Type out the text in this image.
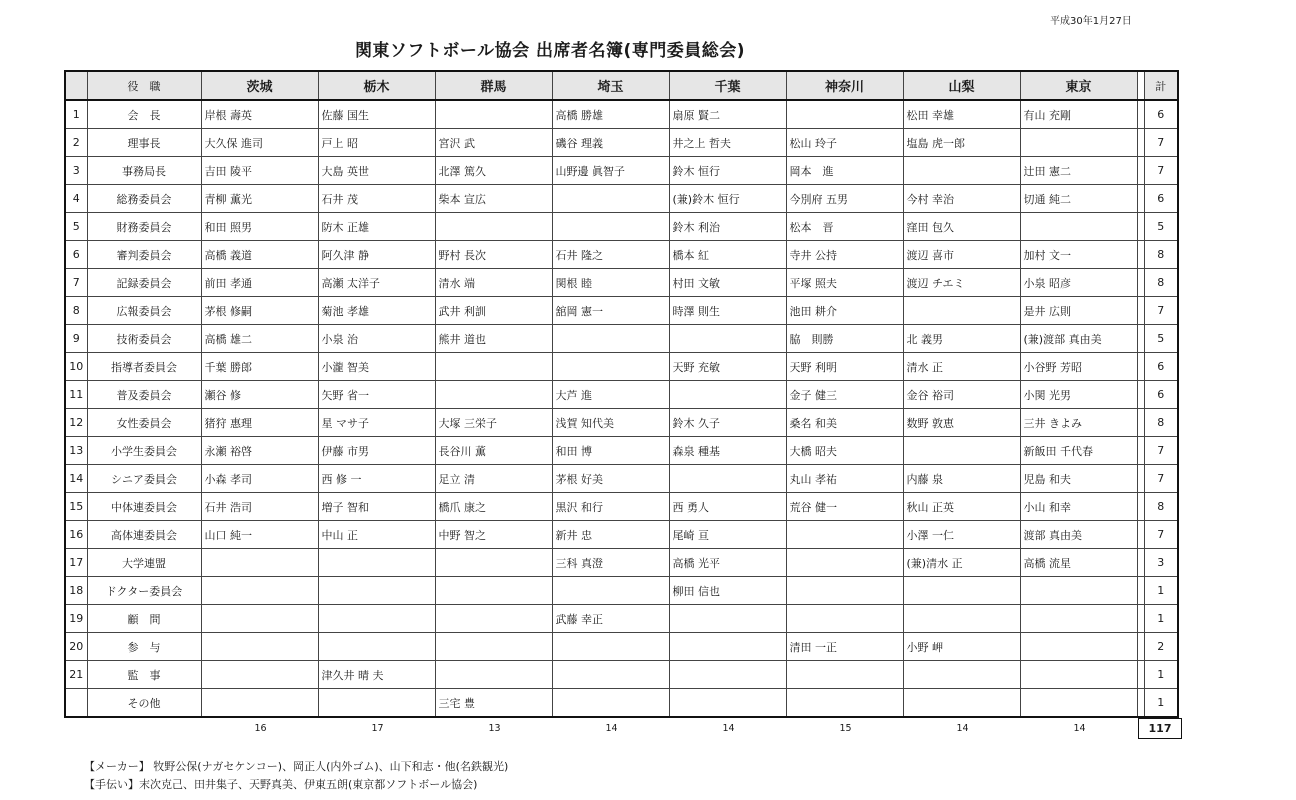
平成30年1月27日
関東ソフトボール協会 出席者名簿(専門委員総会)
	役　職	茨城	栃木	群馬	埼玉	千葉	神奈川	山梨	東京		計
1	会　長	岸根 壽英	佐藤 国生		高橋 勝雄	扇原 賢二		松田 幸雄	有山 充剛		6
2	理事長	大久保 進司	戸上 昭	宮沢 武	磯谷 理義	井之上 哲夫	松山 玲子	塩島 虎一郎			7
3	事務局長	吉田 陵平	大島 英世	北澤 篤久	山野邊 眞智子	鈴木 恒行	岡本　進		辻田 憲二		7
4	総務委員会	青柳 薫光	石井 茂	柴本 宣広		(兼)鈴木 恒行	今別府 五男	今村 幸治	切通 純二		6
5	財務委員会	和田 照男	防木 正雄			鈴木 利治	松本　晋	窪田 包久			5
6	審判委員会	高橋 義道	阿久津 静	野村 長次	石井 隆之	橋本 紅	寺井 公持	渡辺 喜市	加村 文一		8
7	記録委員会	前田 孝通	高瀬 太洋子	清水 端	関根 睦	村田 文敏	平塚 照夫	渡辺 チエミ	小泉 昭彦		8
8	広報委員会	茅根 修嗣	菊池 孝雄	武井 利訓	舘岡 憲一	時澤 則生	池田 耕介		是井 広則		7
9	技術委員会	高橋 雄二	小泉 治	熊井 道也			脇　則勝	北 義男	(兼)渡部 真由美		5
10	指導者委員会	千葉 勝郎	小瀧 智美			天野 充敏	天野 利明	清水 正	小谷野 芳昭		6
11	普及委員会	瀬谷 修	矢野 省一		大芦 進		金子 健三	金谷 裕司	小関 光男		6
12	女性委員会	猪狩 惠理	星 マサ子	大塚 三栄子	浅賀 知代美	鈴木 久子	桑名 和美	数野 敦恵	三井 きよみ		8
13	小学生委員会	永瀬 裕啓	伊藤 市男	長谷川 薫	和田 博	森泉 種基	大橋 昭夫		新飯田 千代春		7
14	シニア委員会	小森 孝司	西 修 一	足立 清	茅根 好美		丸山 孝祐	内藤 泉	児島 和夫		7
15	中体連委員会	石井 浩司	増子 智和	橋爪 康之	黒沢 和行	西 勇人	荒谷 健一	秋山 正英	小山 和幸		8
16	高体連委員会	山口 純一	中山 正	中野 智之	新井 忠	尾崎 亘		小澤 一仁	渡部 真由美		7
17	大学連盟				三科 真澄	高橋 光平		(兼)清水 正	高橋 流星		3
18	ドクター委員会					柳田 信也					1
19	顧　問				武藤 幸正						1
20	参　与						清田 一正	小野 岬			2
21	監　事		津久井 晴 夫								1
	その他			三宅 豊							1
16	17	13	14	14	15	14	14	117
【メーカー】 牧野公保(ナガセケンコー)、岡正人(内外ゴム)、山下和志・他(名鉄観光)
【手伝い】末次克己、田井集子、天野真美、伊東五朗(東京都ソフトボール協会)
